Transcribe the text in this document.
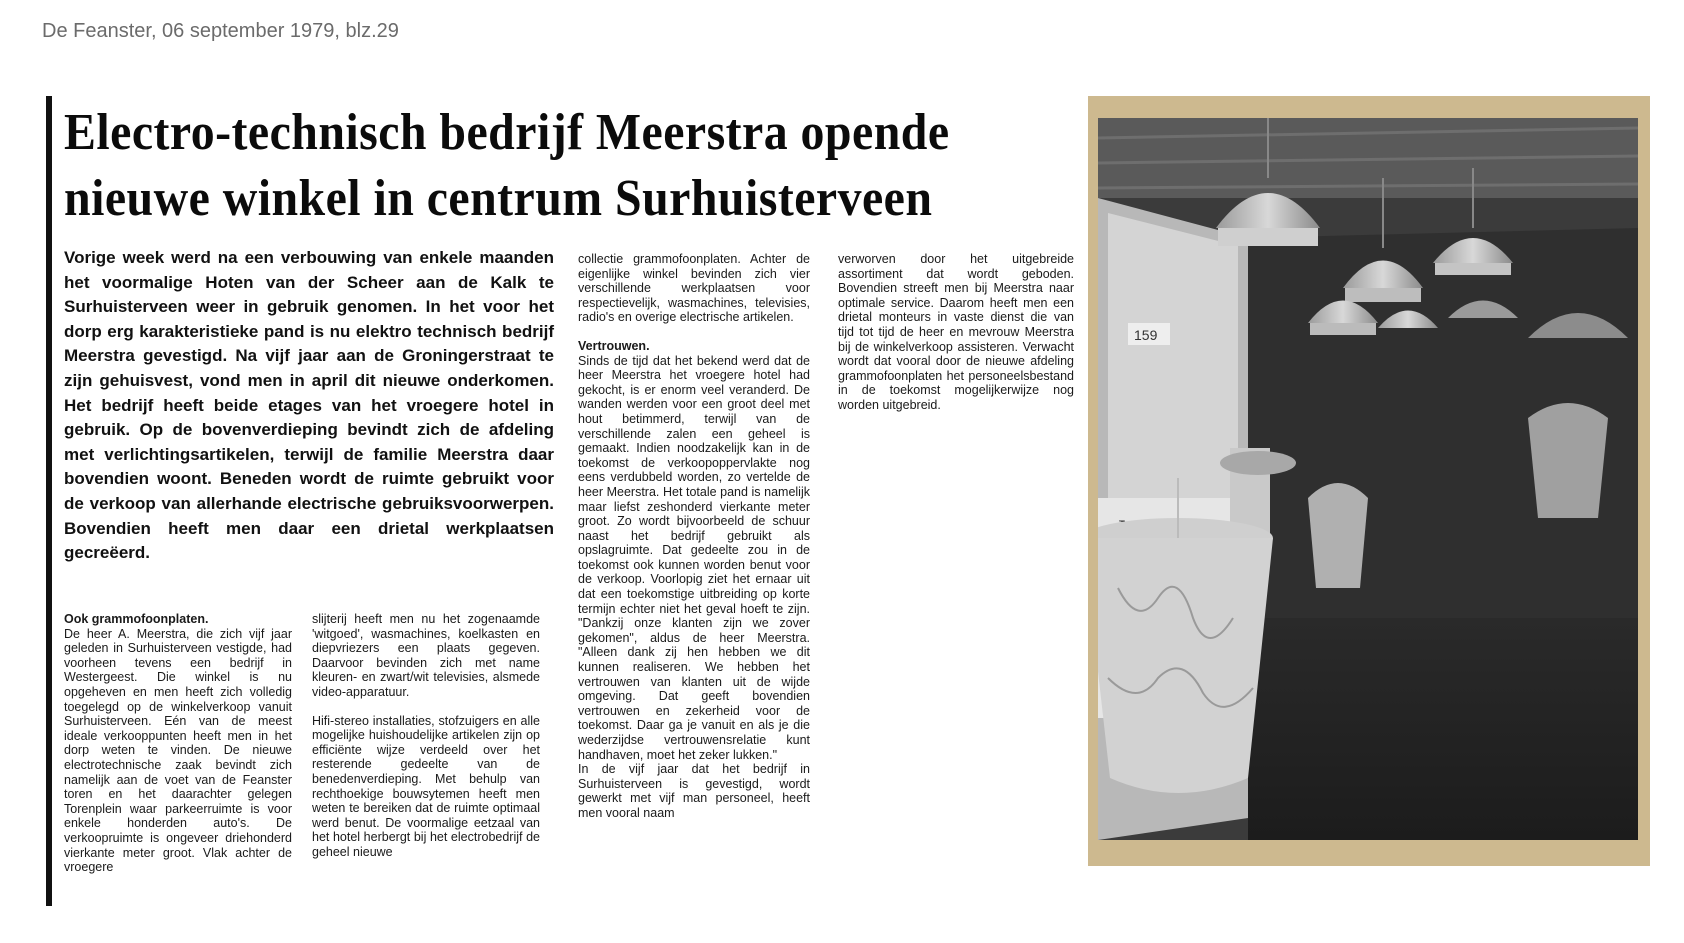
De Feanster, 06 september 1979, blz.29
Electro-technisch bedrijf Meerstra opende
nieuwe winkel in centrum Surhuisterveen
Vorige week werd na een verbouwing van enkele maanden het voormalige Hoten van der Scheer aan de Kalk te Surhuisterveen weer in gebruik genomen. In het voor het dorp erg karakteristieke pand is nu elektro technisch bedrijf Meerstra gevestigd. Na vijf jaar aan de Groningerstraat te zijn gehuisvest, vond men in april dit nieuwe onderkomen. Het bedrijf heeft beide etages van het vroegere hotel in gebruik. Op de bovenverdieping bevindt zich de afdeling met verlichtingsartikelen, terwijl de familie Meerstra daar bovendien woont. Beneden wordt de ruimte gebruikt voor de verkoop van allerhande electrische gebruiksvoorwerpen. Bovendien heeft men daar een drietal werkplaatsen gecreëerd.

Ook grammofoonplaten.

De heer A. Meerstra, die zich vijf jaar geleden in Surhuisterveen vestigde, had voorheen tevens een bedrijf in Westergeest. Die winkel is nu opgeheven en men heeft zich volledig toegelegd op de winkelverkoop vanuit Surhuisterveen. Eén van de meest ideale verkooppunten heeft men in het dorp weten te vinden. De nieuwe electrotechnische zaak bevindt zich namelijk aan de voet van de Feanster toren en het daarachter gelegen Torenplein waar parkeerruimte is voor enkele honderden auto's. De verkoopruimte is ongeveer driehonderd vierkante meter groot. Vlak achter de vroegere

slijterij heeft men nu het zogenaamde 'witgoed', wasmachines, koelkasten en diepvriezers een plaats gegeven. Daarvoor bevinden zich met name kleuren- en zwart/wit televisies, alsmede video-apparatuur.

Hifi-stereo installaties, stofzuigers en alle mogelijke huishoudelijke artikelen zijn op efficiënte wijze verdeeld over het resterende gedeelte van de benedenverdieping. Met behulp van rechthoekige bouwsytemen heeft men weten te bereiken dat de ruimte optimaal werd benut. De voormalige eetzaal van het hotel herbergt bij het electrobedrijf de geheel nieuwe

collectie grammofoonplaten. Achter de eigenlijke winkel bevinden zich vier verschillende werkplaatsen voor respectievelijk, wasmachines, televisies, radio's en overige electrische artikelen.

Vertrouwen.

Sinds de tijd dat het bekend werd dat de heer Meerstra het vroegere hotel had gekocht, is er enorm veel veranderd. De wanden werden voor een groot deel met hout betimmerd, terwijl van de verschillende zalen een geheel is gemaakt. Indien noodzakelijk kan in de toekomst de verkoopoppervlakte nog eens verdubbeld worden, zo vertelde de heer Meerstra. Het totale pand is namelijk maar liefst zeshonderd vierkante meter groot. Zo wordt bijvoorbeeld de schuur naast het bedrijf gebruikt als opslagruimte. Dat gedeelte zou in de toekomst ook kunnen worden benut voor de verkoop. Voorlopig ziet het ernaar uit dat een toekomstige uitbreiding op korte termijn echter niet het geval hoeft te zijn. "Dankzij onze klanten zijn we zover gekomen", aldus de heer Meerstra. "Alleen dank zij hen hebben we dit kunnen realiseren. We hebben het vertrouwen van klanten uit de wijde omgeving. Dat geeft bovendien vertrouwen en zekerheid voor de toekomst. Daar ga je vanuit en als je die wederzijdse vertrouwensrelatie kunt handhaven, moet het zeker lukken."

In de vijf jaar dat het bedrijf in Surhuisterveen is gevestigd, wordt gewerkt met vijf man personeel, heeft men vooral naam

verworven door het uitgebreide assortiment dat wordt geboden. Bovendien streeft men bij Meerstra naar optimale service. Daarom heeft men een drietal monteurs in vaste dienst die van tijd tot tijd de heer en mevrouw Meerstra bij de winkelverkoop assisteren. Verwacht wordt dat vooral door de nieuwe afdeling grammofoonplaten het personeelsbestand in de toekomst mogelijkerwijze nog worden uitgebreid.

159
